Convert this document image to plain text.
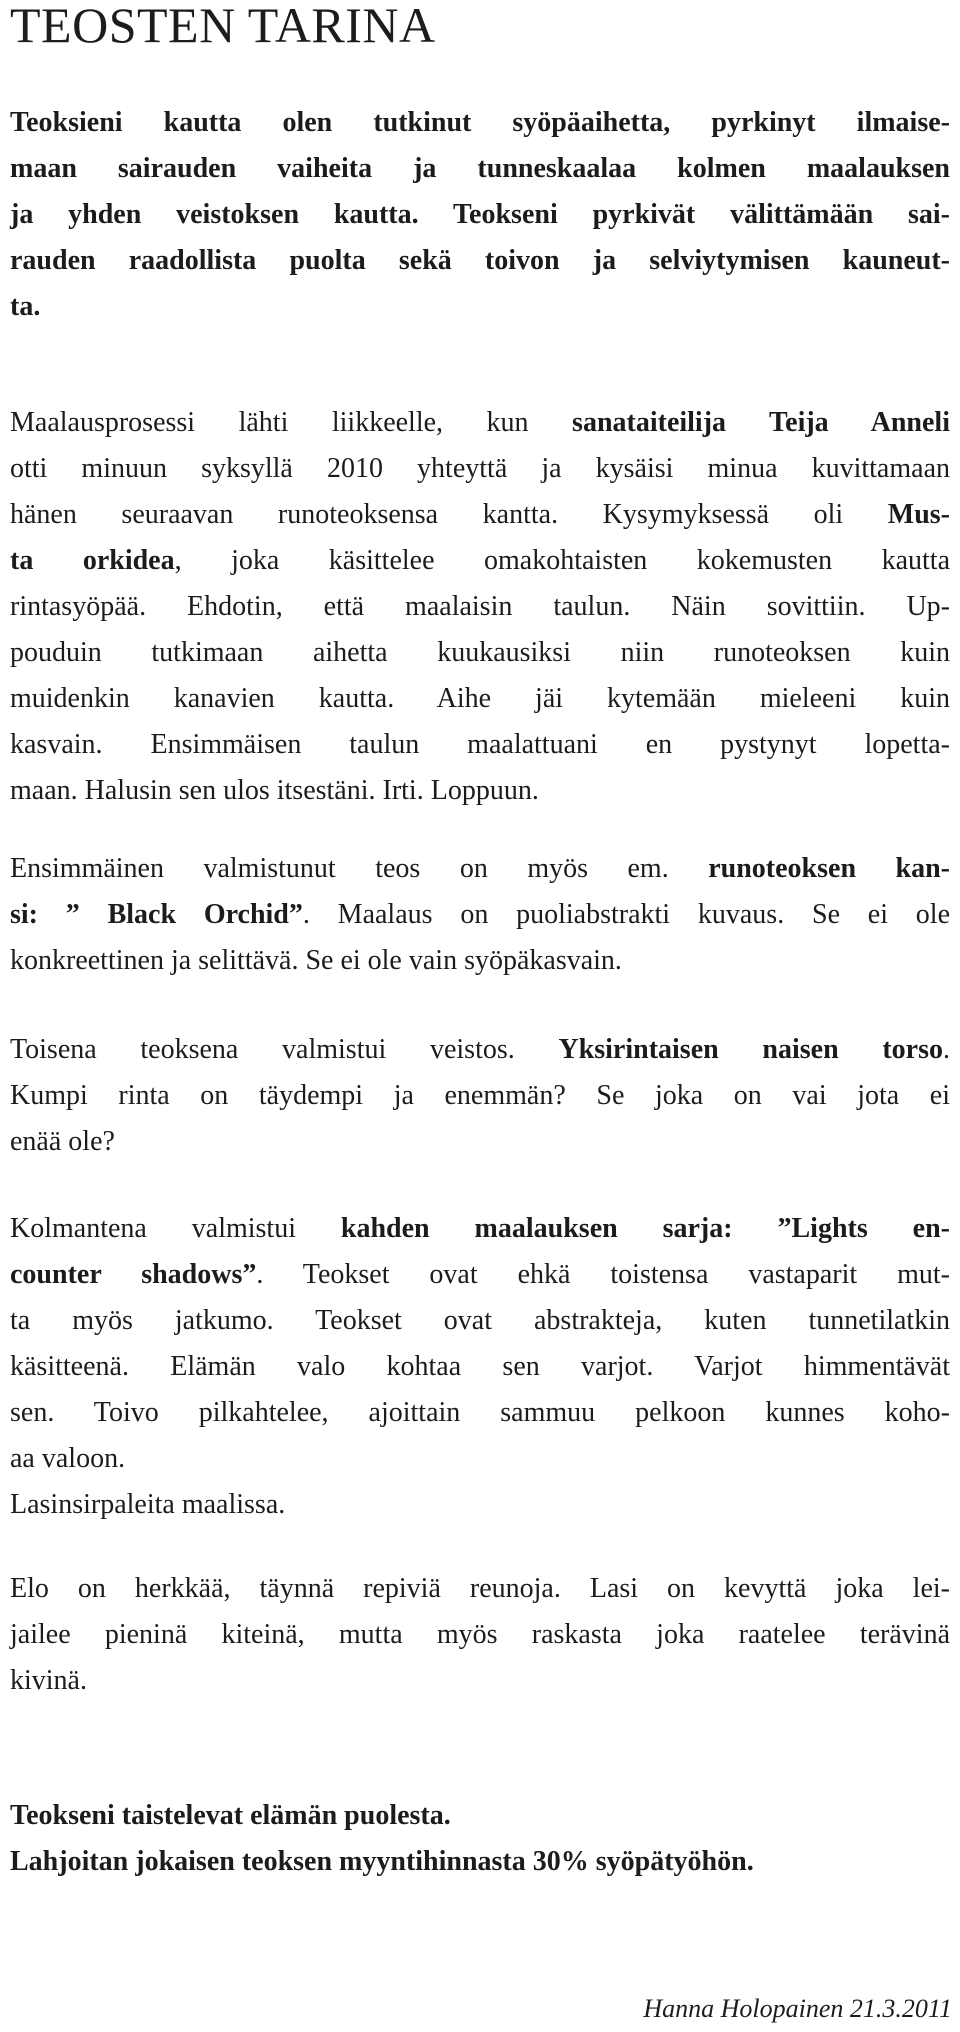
TEOSTEN TARINA
Teoksieni kautta olen tutkinut syöpäaihetta, pyrkinyt ilmaise-
maan sairauden vaiheita ja tunneskaalaa kolmen maalauksen
ja yhden veistoksen kautta. Teokseni pyrkivät välittämään sai-
rauden raadollista puolta sekä toivon ja selviytymisen kauneut-
ta.
Maalausprosessi lähti liikkeelle, kun sanataiteilija Teija Anneli
otti minuun syksyllä 2010 yhteyttä ja kysäisi minua kuvittamaan
hänen seuraavan runoteoksensa kantta. Kysymyksessä oli Mus-
ta orkidea, joka käsittelee omakohtaisten kokemusten kautta
rintasyöpää. Ehdotin, että maalaisin taulun. Näin sovittiin. Up-
pouduin tutkimaan aihetta kuukausiksi niin runoteoksen kuin
muidenkin kanavien kautta. Aihe jäi kytemään mieleeni kuin
kasvain. Ensimmäisen taulun maalattuani en pystynyt lopetta-
maan. Halusin sen ulos itsestäni. Irti. Loppuun.
Ensimmäinen valmistunut teos on myös em. runoteoksen kan-
si: ” Black Orchid”. Maalaus on puoliabstrakti kuvaus. Se ei ole
konkreettinen ja selittävä. Se ei ole vain syöpäkasvain.
Toisena teoksena valmistui veistos. Yksirintaisen naisen torso.
Kumpi rinta on täydempi ja enemmän? Se joka on vai jota ei
enää ole?
Kolmantena valmistui kahden maalauksen sarja: ”Lights en-
counter shadows”. Teokset ovat ehkä toistensa vastaparit mut-
ta myös jatkumo. Teokset ovat abstrakteja, kuten tunnetilatkin
käsitteenä. Elämän valo kohtaa sen varjot. Varjot himmentävät
sen. Toivo pilkahtelee, ajoittain sammuu pelkoon kunnes koho-
aa valoon.
Lasinsirpaleita maalissa.
Elo on herkkää, täynnä repiviä reunoja. Lasi on kevyttä joka lei-
jailee pieninä kiteinä, mutta myös raskasta joka raatelee terävinä
kivinä.
Teokseni taistelevat elämän puolesta.
Lahjoitan jokaisen teoksen myyntihinnasta 30% syöpätyöhön.
Hanna Holopainen 21.3.2011
